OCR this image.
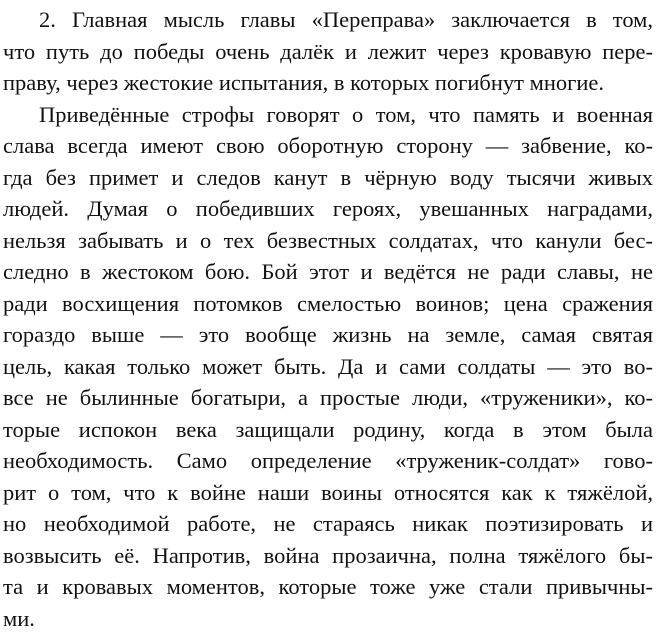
2. Главная мысль главы «Переправа» заключается в том,
что путь до победы очень далёк и лежит через кровавую пере-
праву, через жестокие испытания, в которых погибнут многие.
Приведённые строфы говорят о том, что память и военная
слава всегда имеют свою оборотную сторону — забвение, ко-
гда без примет и следов канут в чёрную воду тысячи живых
людей. Думая о победивших героях, увешанных наградами,
нельзя забывать и о тех безвестных солдатах, что канули бес-
следно в жестоком бою. Бой этот и ведётся не ради славы, не
ради восхищения потомков смелостью воинов; цена сражения
гораздо выше — это вообще жизнь на земле, самая святая
цель, какая только может быть. Да и сами солдаты — это во-
все не былинные богатыри, а простые люди, «труженики», ко-
торые испокон века защищали родину, когда в этом была
необходимость. Само определение «труженик-солдат» гово-
рит о том, что к войне наши воины относятся как к тяжёлой,
но необходимой работе, не стараясь никак поэтизировать и
возвысить её. Напротив, война прозаична, полна тяжёлого бы-
та и кровавых моментов, которые тоже уже стали привычны-
ми.
